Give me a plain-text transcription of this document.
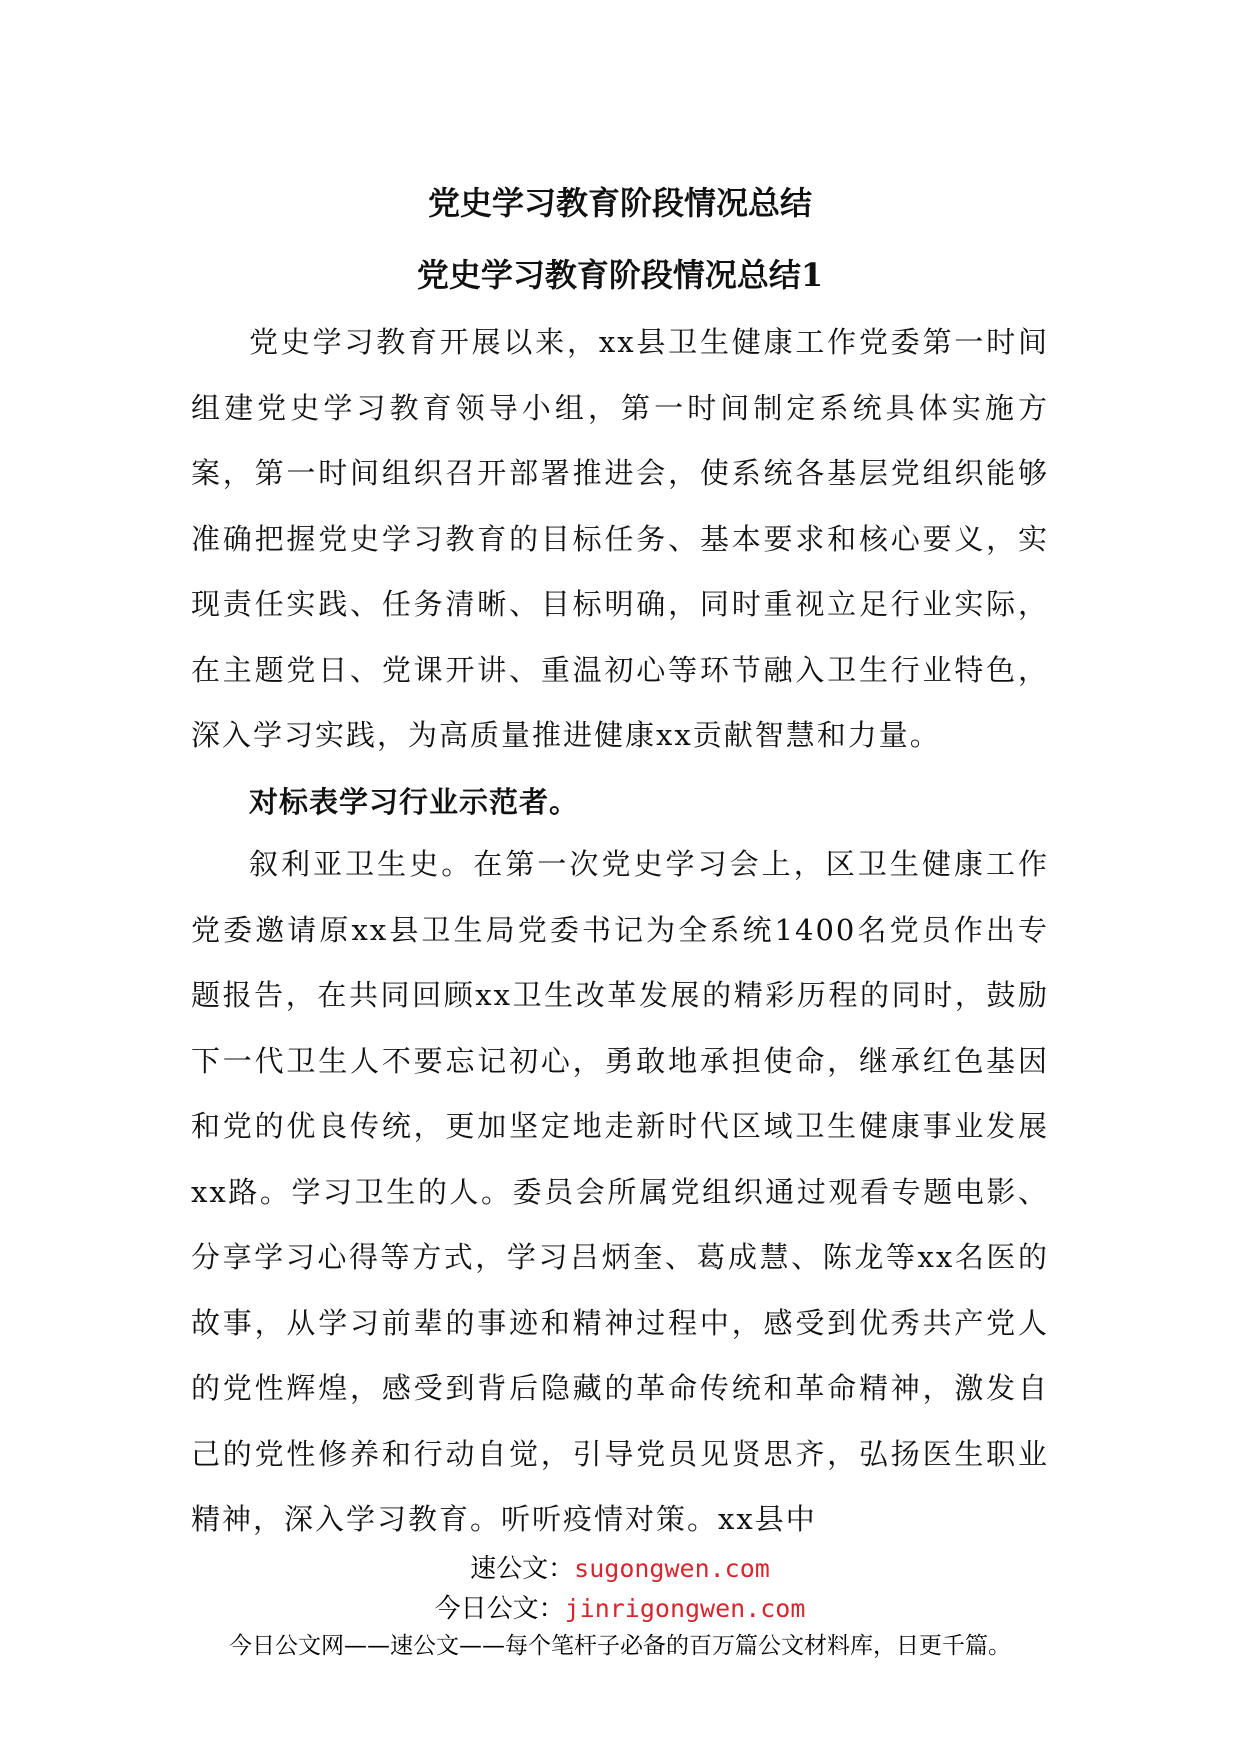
党史学习教育阶段情况总结
党史学习教育阶段情况总结1

党史学习教育开展以来，xx县卫生健康工作党委第一时间组建党史学习教育领导小组，第一时间制定系统具体实施方案，第一时间组织召开部署推进会，使系统各基层党组织能够准确把握党史学习教育的目标任务、基本要求和核心要义，实现责任实践、任务清晰、目标明确，同时重视立足行业实际，在主题党日、党课开讲、重温初心等环节融入卫生行业特色，深入学习实践，为高质量推进健康xx贡献智慧和力量。

对标表学习行业示范者。

叙利亚卫生史。在第一次党史学习会上，区卫生健康工作党委邀请原xx县卫生局党委书记为全系统1400名党员作出专题报告，在共同回顾xx卫生改革发展的精彩历程的同时，鼓励下一代卫生人不要忘记初心，勇敢地承担使命，继承红色基因和党的优良传统，更加坚定地走新时代区域卫生健康事业发展xx路。学习卫生的人。委员会所属党组织通过观看专题电影、分享学习心得等方式，学习吕炳奎、葛成慧、陈龙等xx名医的故事，从学习前辈的事迹和精神过程中，感受到优秀共产党人的党性辉煌，感受到背后隐藏的革命传统和革命精神，激发自己的党性修养和行动自觉，引导党员见贤思齐，弘扬医生职业精神，深入学习教育。听听疫情对策。xx县中

速公文：sugongwen.com
今日公文：jinrigongwen.com
今日公文网——速公文——每个笔杆子必备的百万篇公文材料库，日更千篇。
